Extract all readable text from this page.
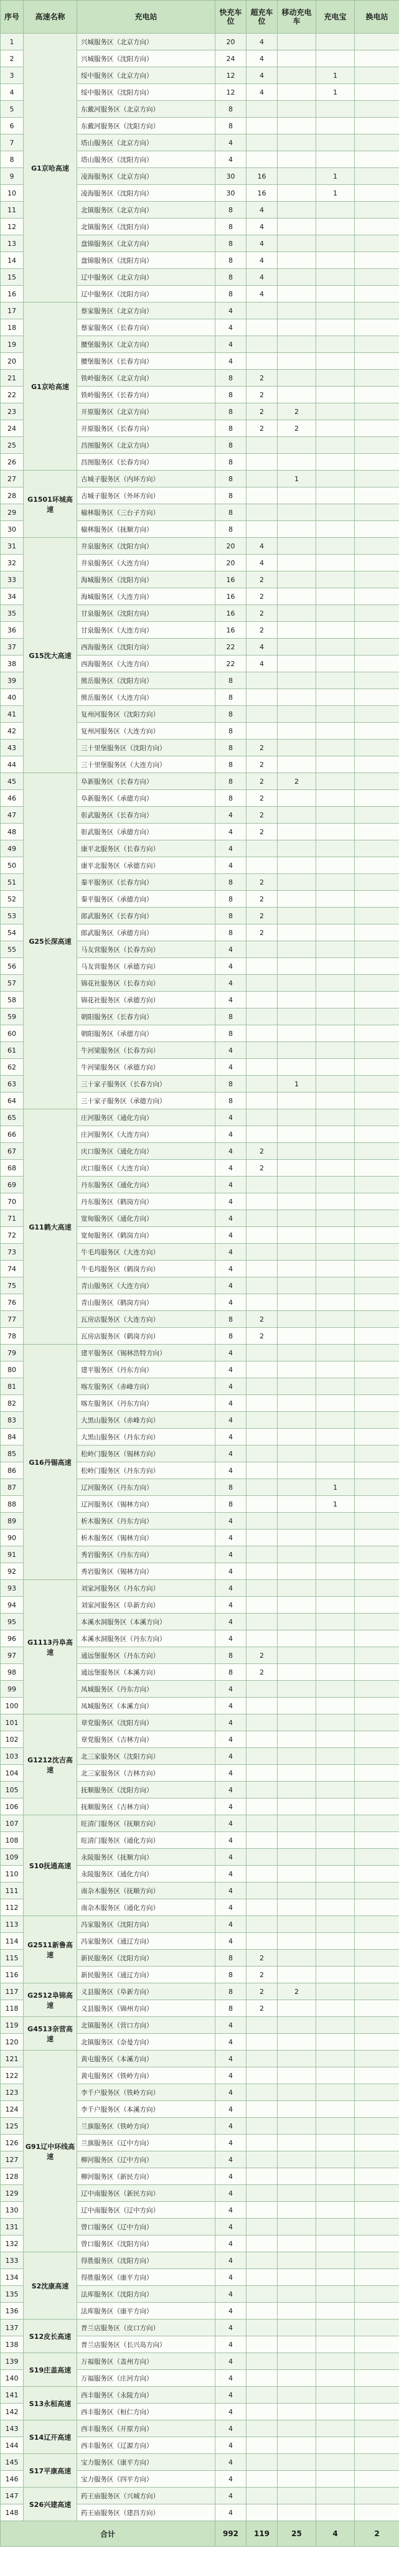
序号	高速名称	充电站	快充车位	超充车位	移动充电车	充电宝	换电站
1	G1京哈高速	兴城服务区（北京方向）	20	4			
2		兴城服务区（沈阳方向）	24	4			
3		绥中服务区（北京方向）	12	4		1	
4		绥中服务区（沈阳方向）	12	4		1	
5		东戴河服务区（北京方向）	8				
6		东戴河服务区（沈阳方向）	8				
7		塔山服务区（北京方向）	4				
8		塔山服务区（沈阳方向）	4				
9		凌海服务区（北京方向）	30	16		1	
10		凌海服务区（沈阳方向）	30	16		1	
11		北镇服务区（北京方向）	8	4			
12		北镇服务区（沈阳方向）	8	4			
13		盘锦服务区（北京方向）	8	4			
14		盘锦服务区（沈阳方向）	8	4			
15		辽中服务区（北京方向）	8	4			
16		辽中服务区（沈阳方向）	8	4			
17	G1京哈高速	蔡家服务区（北京方向）	4				
18		蔡家服务区（长春方向）	4				
19		腰堡服务区（北京方向）	4				
20		腰堡服务区（长春方向）	4				
21		铁岭服务区（北京方向）	8	2			
22		铁岭服务区（长春方向）	8	2			
23		开原服务区（北京方向）	8	2	2		
24		开原服务区（长春方向）	8	2	2		
25		昌图服务区（北京方向）	8				
26		昌图服务区（长春方向）	8				
27	G1501环城高速	古城子服务区（内环方向）	8		1		
28		古城子服务区（外环方向）	8				
29		榆林服务区（三台子方向）	8				
30		榆林服务区（抚顺方向）	8				
31	G15沈大高速	井泉服务区（沈阳方向）	20	4			
32		井泉服务区（大连方向）	20	4			
33		海城服务区（沈阳方向）	16	2			
34		海城服务区（大连方向）	16	2			
35		甘泉服务区（沈阳方向）	16	2			
36		甘泉服务区（大连方向）	16	2			
37		西海服务区（沈阳方向）	22	4			
38		西海服务区（大连方向）	22	4			
39		熊岳服务区（沈阳方向）	8				
40		熊岳服务区（大连方向）	8				
41		复州河服务区（沈阳方向）	8				
42		复州河服务区（大连方向）	8				
43		三十里堡服务区（沈阳方向）	8	2			
44		三十里堡服务区（大连方向）	8	2			
45	G25长深高速	阜新服务区（长春方向）	8	2	2		
46		阜新服务区（承德方向）	8	2			
47		彰武服务区（长春方向）	4	2			
48		彰武服务区（承德方向）	4	2			
49		康平北服务区（长春方向）	4				
50		康平北服务区（承德方向）	4				
51		秦平服务区（长春方向）	8	2			
52		秦平服务区（承德方向）	8	2			
53		郎武服务区（长春方向）	8	2			
54		郎武服务区（承德方向）	8	2			
55		马友营服务区（长春方向）	4				
56		马友营服务区（承德方向）	4				
57		锦花社服务区（长春方向）	4				
58		锦花社服务区（承德方向）	4				
59		朝阳服务区（长春方向）	8				
60		朝阳服务区（承德方向）	8				
61		牛河梁服务区（长春方向）	4				
62		牛河梁服务区（承德方向）	4				
63		三十家子服务区（长春方向）	8		1		
64		三十家子服务区（承德方向）	8				
65	G11鹤大高速	庄河服务区（通化方向）	4				
66		庄河服务区（大连方向）	4				
67		庆口服务区（通化方向）	4	2			
68		庆口服务区（大连方向）	4	2			
69		丹东服务区（通化方向）	4				
70		丹东服务区（鹤岗方向）	4				
71		宽甸服务区（通化方向）	4				
72		宽甸服务区（鹤岗方向）	4				
73		牛毛坞服务区（大连方向）	4				
74		牛毛坞服务区（鹤岗方向）	4				
75		青山服务区（大连方向）	4				
76		青山服务区（鹤岗方向）	4				
77		瓦房店服务区（大连方向）	8	2			
78		瓦房店服务区（鹤岗方向）	8	2			
79	G16丹锡高速	建平服务区（锡林浩特方向）	4				
80		建平服务区（丹东方向）	4				
81		喀左服务区（赤峰方向）	4				
82		喀左服务区（丹东方向）	4				
83		大黑山服务区（赤峰方向）	4				
84		大黑山服务区（丹东方向）	4				
85		松岭门服务区（锡林方向）	4				
86		松岭门服务区（丹东方向）	4				
87		辽河服务区（丹东方向）	8			1	
88		辽河服务区（锡林方向）	8			1	
89		析木服务区（丹东方向）	4				
90		析木服务区（锡林方向）	4				
91		秀岩服务区（丹东方向）	4				
92		秀岩服务区（锡林方向）	4				
93	G1113丹阜高速	刘家河服务区（丹东方向）	4				
94		刘家河服务区（阜新方向）	4				
95		本溪水洞服务区（本溪方向）	4				
96		本溪水洞服务区（丹东方向）	4				
97		通远堡服务区（丹东方向）	8	2			
98		通远堡服务区（本溪方向）	8	2			
99		凤城服务区（丹东方向）	4				
100		凤城服务区（本溪方向）	4				
101	G1212沈吉高速	章党服务区（沈阳方向）	4				
102		章党服务区（吉林方向）	4				
103		北三家服务区（沈阳方向）	4				
104		北三家服务区（吉林方向）	4				
105		抚顺服务区（沈阳方向）	4				
106		抚顺服务区（吉林方向）	4				
107	S10抚通高速	旺清门服务区（抚顺方向）	4				
108		旺清门服务区（通化方向）	4				
109		永陵服务区（抚顺方向）	4				
110		永陵服务区（通化方向）	4				
111		南杂木服务区（抚顺方向）	4				
112		南杂木服务区（通化方向）	4				
113	G2511新鲁高速	冯家服务区（沈阳方向）	4				
114		冯家服务区（通辽方向）	4				
115		新民服务区（沈阳方向）	8	2			
116		新民服务区（通辽方向）	8	2			
117	G2512阜锦高速	义县服务区（阜新方向）	8	2	2		
118		义县服务区（锦州方向）	8	2			
119	G4513奈营高速	北镇服务区（营口方向）	4				
120		北镇服务区（奈曼方向）	4				
121	G91辽中环线高速	黄屯服务区（本溪方向）	4				
122		黄屯服务区（铁岭方向）	4				
123		李千户服务区（铁岭方向）	4				
124		李千户服务区（本溪方向）	4				
125		兰旗服务区（铁岭方向）	4				
126		兰旗服务区（辽中方向）	4				
127		柳河服务区（辽中方向）	4				
128		柳河服务区（新民方向）	4				
129		辽中南服务区（新民方向）	4				
130		辽中南服务区（辽中方向）	4				
131		曾口服务区（辽中方向）	4				
132		曾口服务区（沈阳方向）	4				
133	S2沈康高速	得胜服务区（沈阳方向）	4				
134		得胜服务区（康平方向）	4				
135		法库服务区（沈阳方向）	4				
136		法库服务区（康平方向）	4				
137	S12皮长高速	普兰店服务区（皮口方向）	4				
138		普兰店服务区（长兴岛方向）	4				
139	S19庄盖高速	万福服务区（盖州方向）	4				
140		万福服务区（庄河方向）	4				
141	S13永桓高速	西丰服务区（永陵方向）	4				
142		西丰服务区（桓仁方向）	4				
143	S14辽开高速	西丰服务区（开原方向）	4				
144		西丰服务区（辽源方向）	4				
145	S17平康高速	宝力服务区（康平方向）	4				
146		宝力服务区（四平方向）	4				
147	S26兴建高速	药王庙服务区（兴城方向）	4				
148		药王庙服务区（建昌方向）	4				
合计			992	119	25	4	2
